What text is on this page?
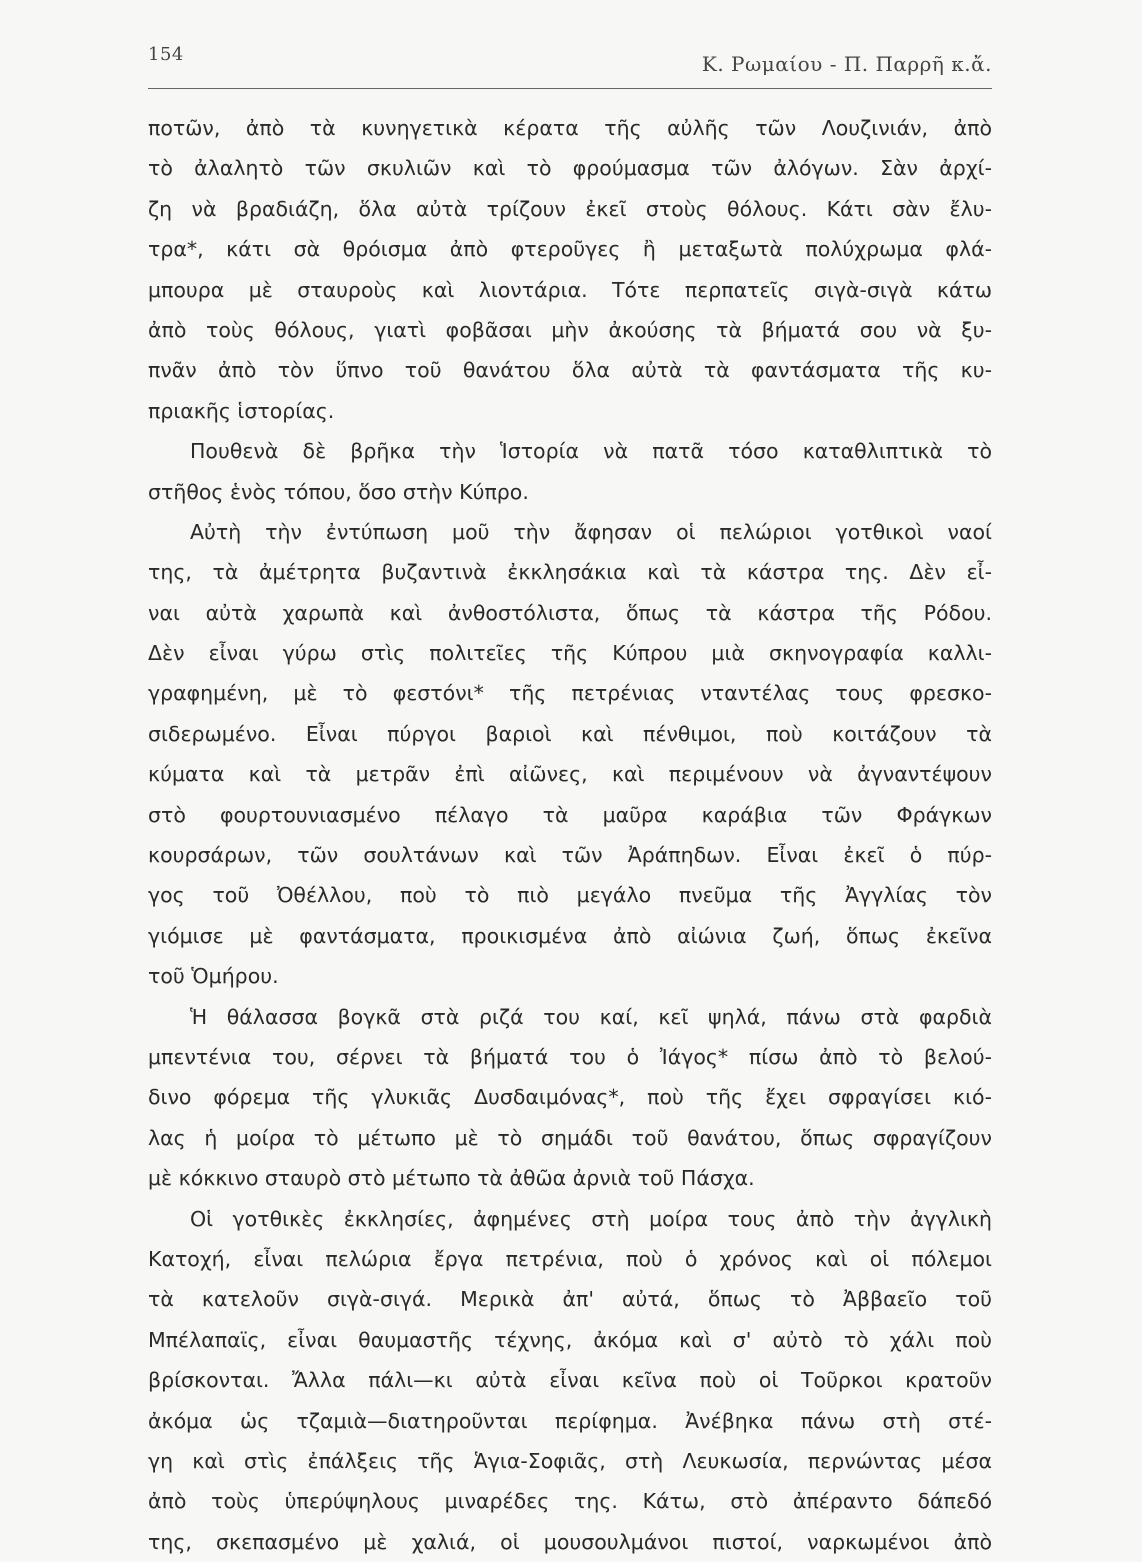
154	Κ. Ρωμαίου - Π. Παρρῆ κ.ἄ.
ποτῶν, ἀπὸ τὰ κυνηγετικὰ κέρατα τῆς αὐλῆς τῶν Λουζινιάν, ἀπὸ
τὸ ἀλαλητὸ τῶν σκυλιῶν καὶ τὸ φρούμασμα τῶν ἀλόγων. Σὰν ἀρχί-
ζη νὰ βραδιάζη, ὅλα αὐτὰ τρίζουν ἐκεῖ στοὺς θόλους. Κάτι σὰν ἔλυ-
τρα*, κάτι σὰ θρόισμα ἀπὸ φτεροῦγες ἢ μεταξωτὰ πολύχρωμα φλά-
μπουρα μὲ σταυροὺς καὶ λιοντάρια. Τότε περπατεῖς σιγὰ-σιγὰ κάτω
ἀπὸ τοὺς θόλους, γιατὶ φοβᾶσαι μὴν ἀκούσης τὰ βήματά σου νὰ ξυ-
πνᾶν ἀπὸ τὸν ὕπνο τοῦ θανάτου ὅλα αὐτὰ τὰ φαντάσματα τῆς κυ-
πριακῆς ἱστορίας.
Πουθενὰ δὲ βρῆκα τὴν Ἱστορία νὰ πατᾶ τόσο καταθλιπτικὰ τὸ
στῆθος ἑνὸς τόπου, ὅσο στὴν Κύπρο.
Αὐτὴ τὴν ἐντύπωση μοῦ τὴν ἄφησαν οἱ πελώριοι γοτθικοὶ ναοί
της, τὰ ἀμέτρητα βυζαντινὰ ἐκκλησάκια καὶ τὰ κάστρα της. Δὲν εἶ-
ναι αὐτὰ χαρωπὰ καὶ ἀνθοστόλιστα, ὅπως τὰ κάστρα τῆς Ρόδου.
Δὲν εἶναι γύρω στὶς πολιτεῖες τῆς Κύπρου μιὰ σκηνογραφία καλλι-
γραφημένη, μὲ τὸ φεστόνι* τῆς πετρένιας νταντέλας τους φρεσκο-
σιδερωμένο. Εἶναι πύργοι βαριοὶ καὶ πένθιμοι, ποὺ κοιτάζουν τὰ
κύματα καὶ τὰ μετρᾶν ἐπὶ αἰῶνες, καὶ περιμένουν νὰ ἀγναντέψουν
στὸ φουρτουνιασμένο πέλαγο τὰ μαῦρα καράβια τῶν Φράγκων
κουρσάρων, τῶν σουλτάνων καὶ τῶν Ἀράπηδων. Εἶναι ἐκεῖ ὁ πύρ-
γος τοῦ Ὀθέλλου, ποὺ τὸ πιὸ μεγάλο πνεῦμα τῆς Ἀγγλίας τὸν
γιόμισε μὲ φαντάσματα, προικισμένα ἀπὸ αἰώνια ζωή, ὅπως ἐκεῖνα
τοῦ Ὁμήρου.
Ἡ θάλασσα βογκᾶ στὰ ριζά του καί, κεῖ ψηλά, πάνω στὰ φαρδιὰ
μπεντένια του, σέρνει τὰ βήματά του ὁ Ἰάγος* πίσω ἀπὸ τὸ βελού-
δινο φόρεμα τῆς γλυκιᾶς Δυσδαιμόνας*, ποὺ τῆς ἔχει σφραγίσει κιό-
λας ἡ μοίρα τὸ μέτωπο μὲ τὸ σημάδι τοῦ θανάτου, ὅπως σφραγίζουν
μὲ κόκκινο σταυρὸ στὸ μέτωπο τὰ ἀθῶα ἀρνιὰ τοῦ Πάσχα.
Οἱ γοτθικὲς ἐκκλησίες, ἀφημένες στὴ μοίρα τους ἀπὸ τὴν ἀγγλικὴ
Κατοχή, εἶναι πελώρια ἔργα πετρένια, ποὺ ὁ χρόνος καὶ οἱ πόλεμοι
τὰ κατελοῦν σιγὰ-σιγά. Μερικὰ ἀπ' αὐτά, ὅπως τὸ Ἀββαεῖο τοῦ
Μπέλαπαϊς, εἶναι θαυμαστῆς τέχνης, ἀκόμα καὶ σ' αὐτὸ τὸ χάλι ποὺ
βρίσκονται. Ἄλλα πάλι—κι αὐτὰ εἶναι κεῖνα ποὺ οἱ Τοῦρκοι κρατοῦν
ἀκόμα ὡς τζαμιὰ—διατηροῦνται περίφημα. Ἀνέβηκα πάνω στὴ στέ-
γη καὶ στὶς ἐπάλξεις τῆς Ἁγια-Σοφιᾶς, στὴ Λευκωσία, περνώντας μέσα
ἀπὸ τοὺς ὑπερύψηλους μιναρέδες της. Κάτω, στὸ ἀπέραντο δάπεδό
της, σκεπασμένο μὲ χαλιά, οἱ μουσουλμάνοι πιστοί, ναρκωμένοι ἀπὸ
